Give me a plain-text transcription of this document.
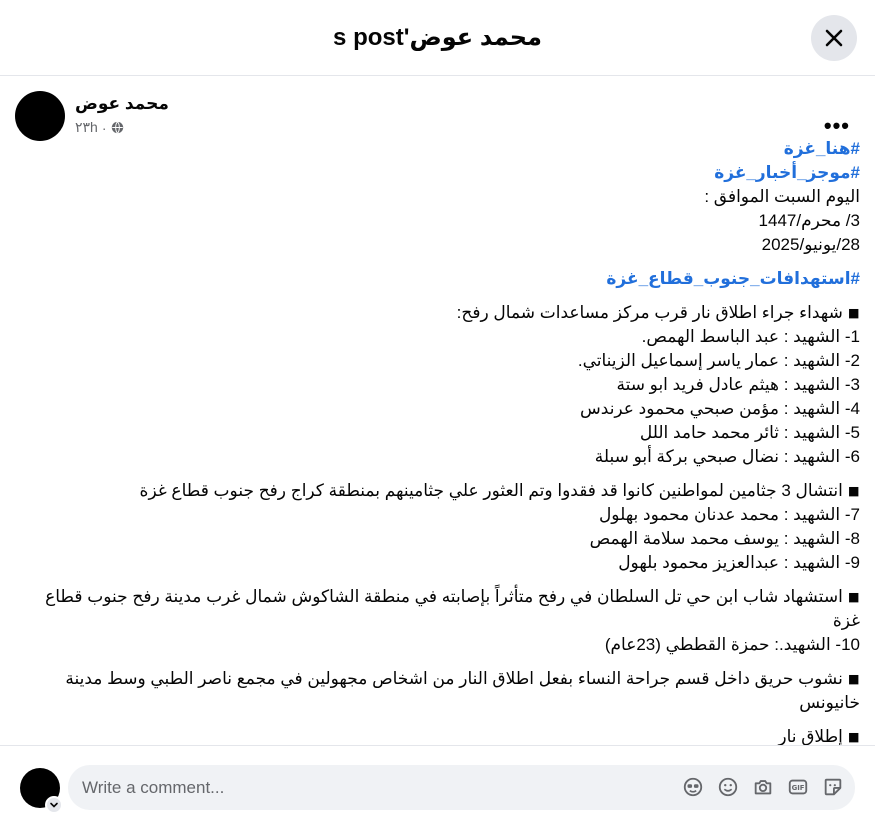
محمد عوض's post
محمد عوض
٢٣h ·	•••
#هنا_غزة
#موجز_أخبار_غزة
اليوم السبت الموافق :
3/ محرم/1447
28/يونيو/2025
#استهدافات_جنوب_قطاع_غزة
◾ شهداء جراء اطلاق نار قرب مركز مساعدات شمال رفح:
1- الشهيد : عبد الباسط الهمص.
2- الشهيد : عمار ياسر إسماعيل الزيناتي.
3- الشهيد : هيثم عادل فريد ابو ستة
4- الشهيد : مؤمن صبحي محمود عرندس
5- الشهيد : ثائر محمد حامد اللل
6- الشهيد : نضال صبحي بركة أبو سبلة
◾ انتشال 3 جثامين لمواطنين كانوا قد فقدوا وتم العثور علي جثامينهم بمنطقة كراج رفح جنوب قطاع غزة
7- الشهيد : محمد عدنان محمود بهلول
8- الشهيد : يوسف محمد سلامة الهمص
9- الشهيد : عبدالعزيز محمود بلهول
◾ استشهاد شاب ابن حي تل السلطان في رفح متأثراً بإصابته في منطقة الشاكوش شمال غرب مدينة رفح جنوب قطاع غزة
10- الشهيد.: حمزة القططي (23عام)
◾ نشوب حريق داخل قسم جراحة النساء بفعل اطلاق النار من اشخاص مجهولين في مجمع ناصر الطبي وسط مدينة خانيونس
◾ إطلاق نار
Write a comment...
GIF
